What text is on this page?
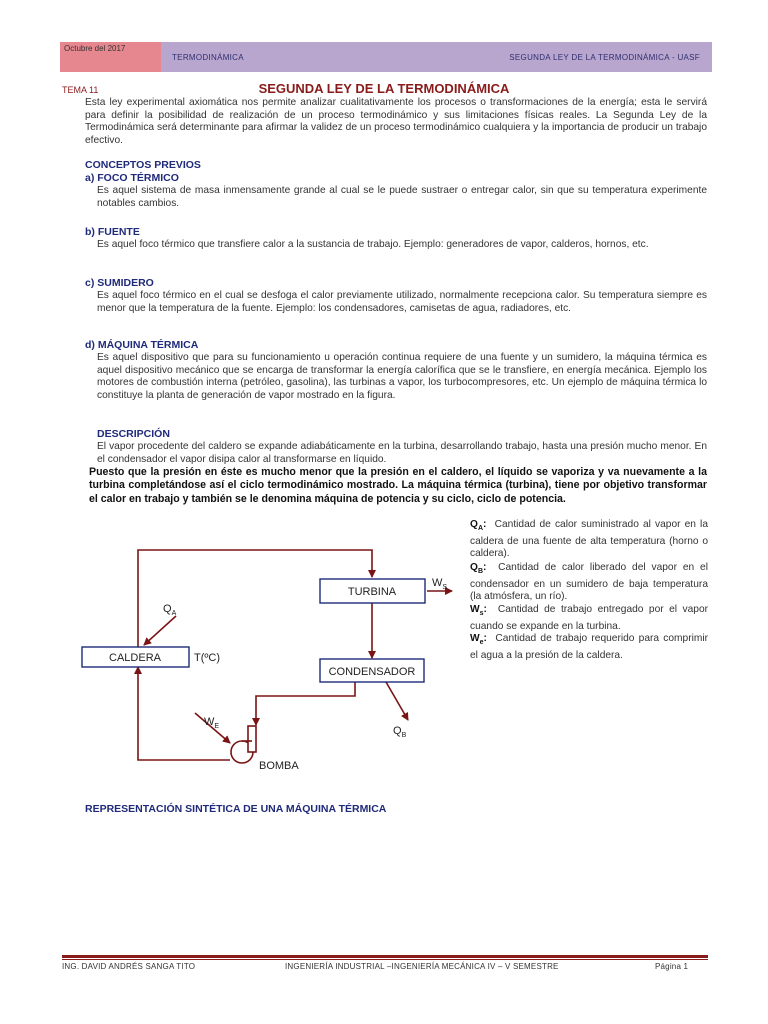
Octubre del 2017
TERMODINÁMICA	SEGUNDA LEY DE LA TERMODINÁMICA - UASF
TEMA 11	SEGUNDA LEY DE LA TERMODINÁMICA
Esta ley experimental axiomática nos permite analizar cualitativamente los procesos o transformaciones de la energía; esta le servirá para definir la posibilidad de realización de un proceso termodinámico y sus limitaciones físicas reales. La Segunda Ley de la Termodinámica será determinante para afirmar la validez de un proceso termodinámico cualquiera y la importancia de producir un trabajo efectivo.
CONCEPTOS PREVIOS
a) FOCO TÉRMICO
Es aquel sistema de masa inmensamente grande al cual se le puede sustraer o entregar calor, sin que su temperatura experimente notables cambios.
b) FUENTE
Es aquel foco térmico que transfiere calor a la sustancia de trabajo. Ejemplo: generadores de vapor, calderos, hornos, etc.
c) SUMIDERO
Es aquel foco térmico en el cual se desfoga el calor previamente utilizado, normalmente recepciona calor. Su temperatura siempre es menor que la temperatura de la fuente. Ejemplo: los condensadores, camisetas de agua, radiadores, etc.
d) MÁQUINA TÉRMICA
Es aquel dispositivo que para su funcionamiento u operación continua requiere de una fuente y un sumidero, la máquina térmica es aquel dispositivo mecánico que se encarga de transformar la energía calorífica que se le transfiere, en energía mecánica. Ejemplo los motores de combustión interna (petróleo, gasolina), las turbinas a vapor, los turbocompresores, etc. Un ejemplo de máquina térmica lo constituye la planta de generación de vapor mostrado en la figura.
DESCRIPCIÓN
El vapor procedente del caldero se expande adiabáticamente en la turbina, desarrollando trabajo, hasta una presión mucho menor. En el condensador el vapor disipa calor al transformarse en líquido.
Puesto que la presión en éste es mucho menor que la presión en el caldero, el líquido se vaporiza y va nuevamente a la turbina completándose así el ciclo termodinámico mostrado. La máquina térmica (turbina), tiene por objetivo transformar el calor en trabajo y también se le denomina máquina de potencia y su ciclo, ciclo de potencia.
$Q_A$: Cantidad de calor suministrado al vapor en la caldera de una fuente de alta temperatura (horno o caldera).
$Q_B$: Cantidad de calor liberado del vapor en el condensador en un sumidero de baja temperatura (la atmósfera, un río).
$W_s$: Cantidad de trabajo entregado por el vapor cuando se expande en la turbina.
$W_e$: Cantidad de trabajo requerido para comprimir el agua a la presión de la caldera.
TURBINA
CALDERA
CONDENSADOR
BOMBA
T(ºC)
$Q_A$
$Q_B$
$W_S$
$W_E$
REPRESENTACIÓN SINTÉTICA DE UNA MÁQUINA TÉRMICA
ING. DAVID ANDRÉS SANGA TITO	INGENIERÍA INDUSTRIAL –INGENIERÍA MECÁNICA IV – V SEMESTRE	Página 1
